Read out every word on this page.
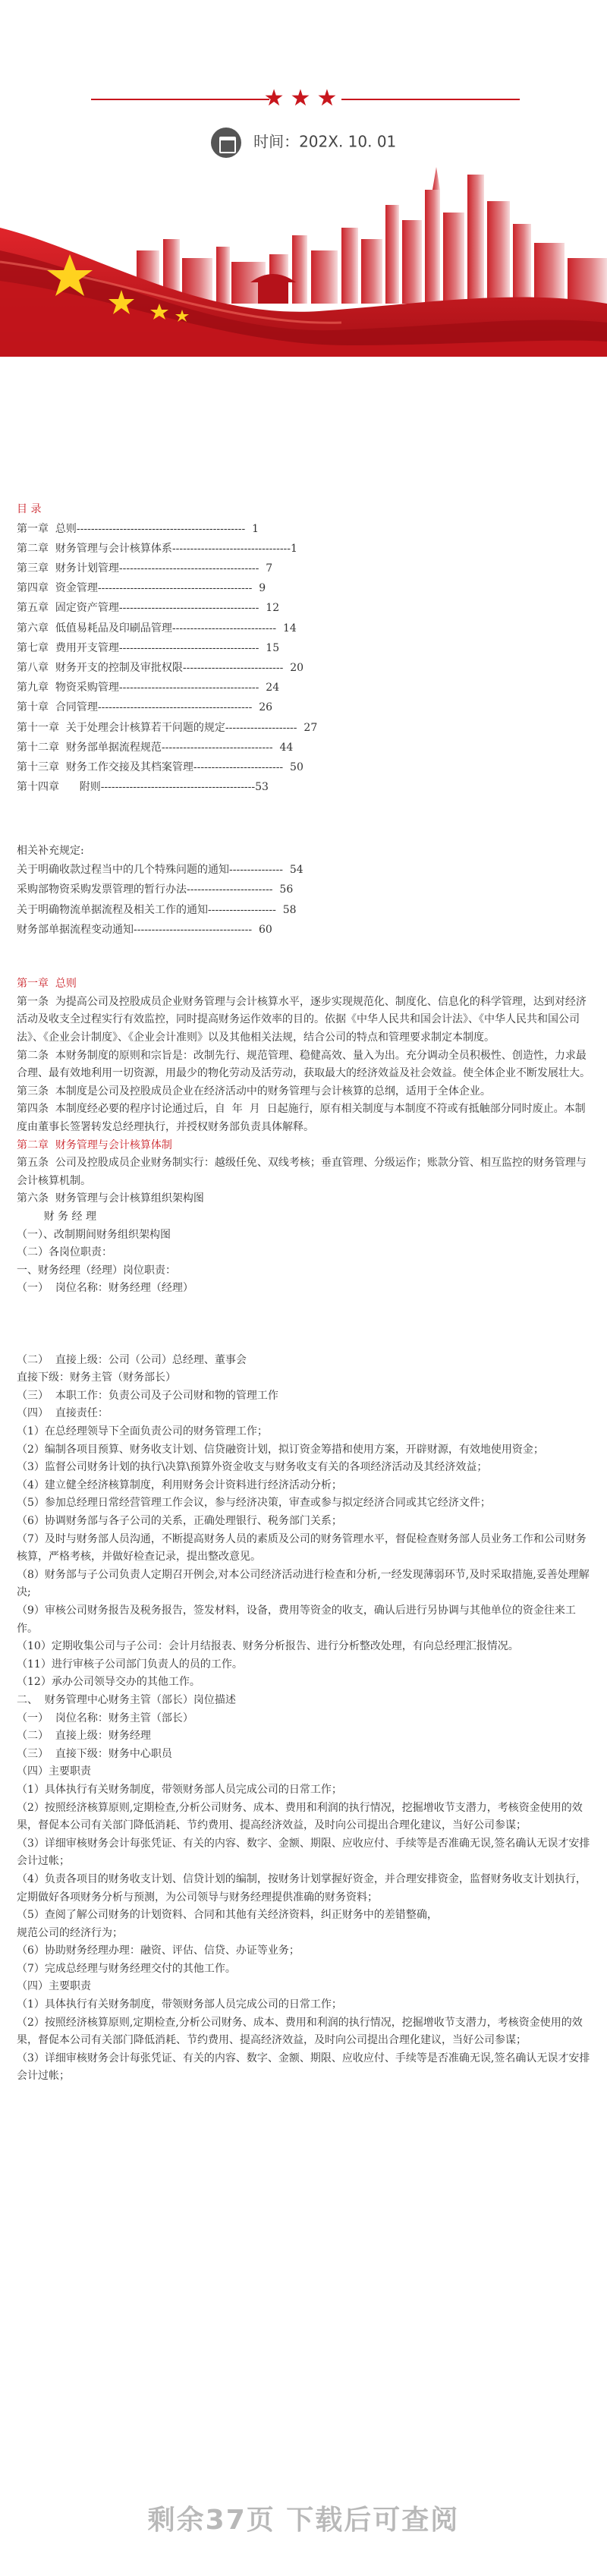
★★★
时间：202X. 10. 01

目 录

第一章  总则-----------------------------------------------  1

第二章  财务管理与会计核算体系---------------------------------1

第三章  财务计划管理---------------------------------------  7

第四章  资金管理-------------------------------------------  9

第五章  固定资产管理---------------------------------------  12

第六章  低值易耗品及印刷品管理-----------------------------  14

第七章  费用开支管理---------------------------------------  15

第八章  财务开支的控制及审批权限----------------------------  20

第九章  物资采购管理---------------------------------------  24

第十章  合同管理-------------------------------------------  26

第十一章  关于处理会计核算若干问题的规定--------------------  27

第十二章  财务部单据流程规范-------------------------------  44

第十三章  财务工作交接及其档案管理-------------------------  50

第十四章      附则-------------------------------------------53

相关补充规定:

关于明确收款过程当中的几个特殊问题的通知---------------  54

采购部物资采购发票管理的暂行办法------------------------  56

关于明确物流单据流程及相关工作的通知-------------------  58

财务部单据流程变动通知---------------------------------  60

第一章  总则

第一条  为提高公司及控股成员企业财务管理与会计核算水平，逐步实现规范化、制度化、信息化的科学管理，达到对经济活动及收支全过程实行有效监控，同时提高财务运作效率的目的。依据《中华人民共和国会计法》、《中华人民共和国公司法》、《企业会计制度》、《企业会计准则》以及其他相关法规，结合公司的特点和管理要求制定本制度。

第二条  本财务制度的原则和宗旨是：改制先行、规范管理、稳健高效、量入为出。充分调动全员积极性、创造性，力求最合理、最有效地利用一切资源，用最少的物化劳动及活劳动，获取最大的经济效益及社会效益。使全体企业不断发展壮大。

第三条  本制度是公司及控股成员企业在经济活动中的财务管理与会计核算的总纲，适用于全体企业。

第四条  本制度经必要的程序讨论通过后，自  年  月  日起施行，原有相关制度与本制度不符或有抵触部分同时废止。本制度由董事长签署转发总经理执行，并授权财务部负责具体解释。

第二章  财务管理与会计核算体制

第五条  公司及控股成员企业财务制实行：越级任免、双线考核；垂直管理、分级运作；账款分管、相互监控的财务管理与会计核算机制。

第六条  财务管理与会计核算组织架构图

财 务 经 理

（一）、改制期间财务组织架构图

（二）各岗位职责：

一、财务经理（经理）岗位职责：

（一）  岗位名称：财务经理（经理）

（二）  直接上级：公司（公司）总经理、董事会

直接下级：财务主管（财务部长）

（三）  本职工作：负责公司及子公司财和物的管理工作

（四）  直接责任：

（1）在总经理领导下全面负责公司的财务管理工作；

（2）编制各项目预算、财务收支计划、信贷融资计划，拟订资金筹措和使用方案，开辟财源，有效地使用资金；

（3）监督公司财务计划的执行\决算\预算外资金收支与财务收支有关的各项经济活动及其经济效益；

（4）建立健全经济核算制度，利用财务会计资料进行经济活动分析；

（5）参加总经理日常经营管理工作会议，参与经济决策，审查或参与拟定经济合同或其它经济文件；

（6）协调财务部与各子公司的关系，正确处理银行、税务部门关系；

（7）及时与财务部人员沟通，不断提高财务人员的素质及公司的财务管理水平，督促检查财务部人员业务工作和公司财务核算，严格考核，并做好检查记录，提出整改意见。

（8）财务部与子公司负责人定期召开例会,对本公司经济活动进行检查和分析,一经发现薄弱环节,及时采取措施,妥善处理解决;

（9）审核公司财务报告及税务报告，签发材料，设备，费用等资金的收支，确认后进行另协调与其他单位的资金往来工作。

（10）定期收集公司与子公司：会计月结报表、财务分析报告、进行分析整改处理，有向总经理汇报情况。

（11）进行审核子公司部门负责人的员的工作。

（12）承办公司领导交办的其他工作。

二、  财务管理中心财务主管（部长）岗位描述

（一）  岗位名称：财务主管（部长）

（二）  直接上级：财务经理

（三）  直接下级：财务中心职员

（四）主要职责

（1）具体执行有关财务制度，带领财务部人员完成公司的日常工作；

（2）按照经济核算原则,定期检查,分析公司财务、成本、费用和利润的执行情况，挖掘增收节支潜力，考核资金使用的效果，督促本公司有关部门降低消耗、节约费用、提高经济效益，及时向公司提出合理化建议，当好公司参谋；

（3）详细审核财务会计每张凭证、有关的内容、数字、金额、期限、应收应付、手续等是否准确无误,签名确认无误才安排会计过帐；

（4）负责各项目的财务收支计划、信贷计划的编制，按财务计划掌握好资金，并合理安排资金，监督财务收支计划执行，定期做好各项财务分析与预测，为公司领导与财务经理提供准确的财务资料；

（5）查阅了解公司财务的计划资料、合同和其他有关经济资料，纠正财务中的差错整确，

规范公司的经济行为；

（6）协助财务经理办理：融资、评估、信贷、办证等业务；

（7）完成总经理与财务经理交付的其他工作。

（四）主要职责

（1）具体执行有关财务制度，带领财务部人员完成公司的日常工作；

（2）按照经济核算原则,定期检查,分析公司财务、成本、费用和利润的执行情况，挖掘增收节支潜力，考核资金使用的效果，督促本公司有关部门降低消耗、节约费用、提高经济效益，及时向公司提出合理化建议，当好公司参谋；

（3）详细审核财务会计每张凭证、有关的内容、数字、金额、期限、应收应付、手续等是否准确无误,签名确认无误才安排会计过帐；

剩余37页 下载后可查阅
